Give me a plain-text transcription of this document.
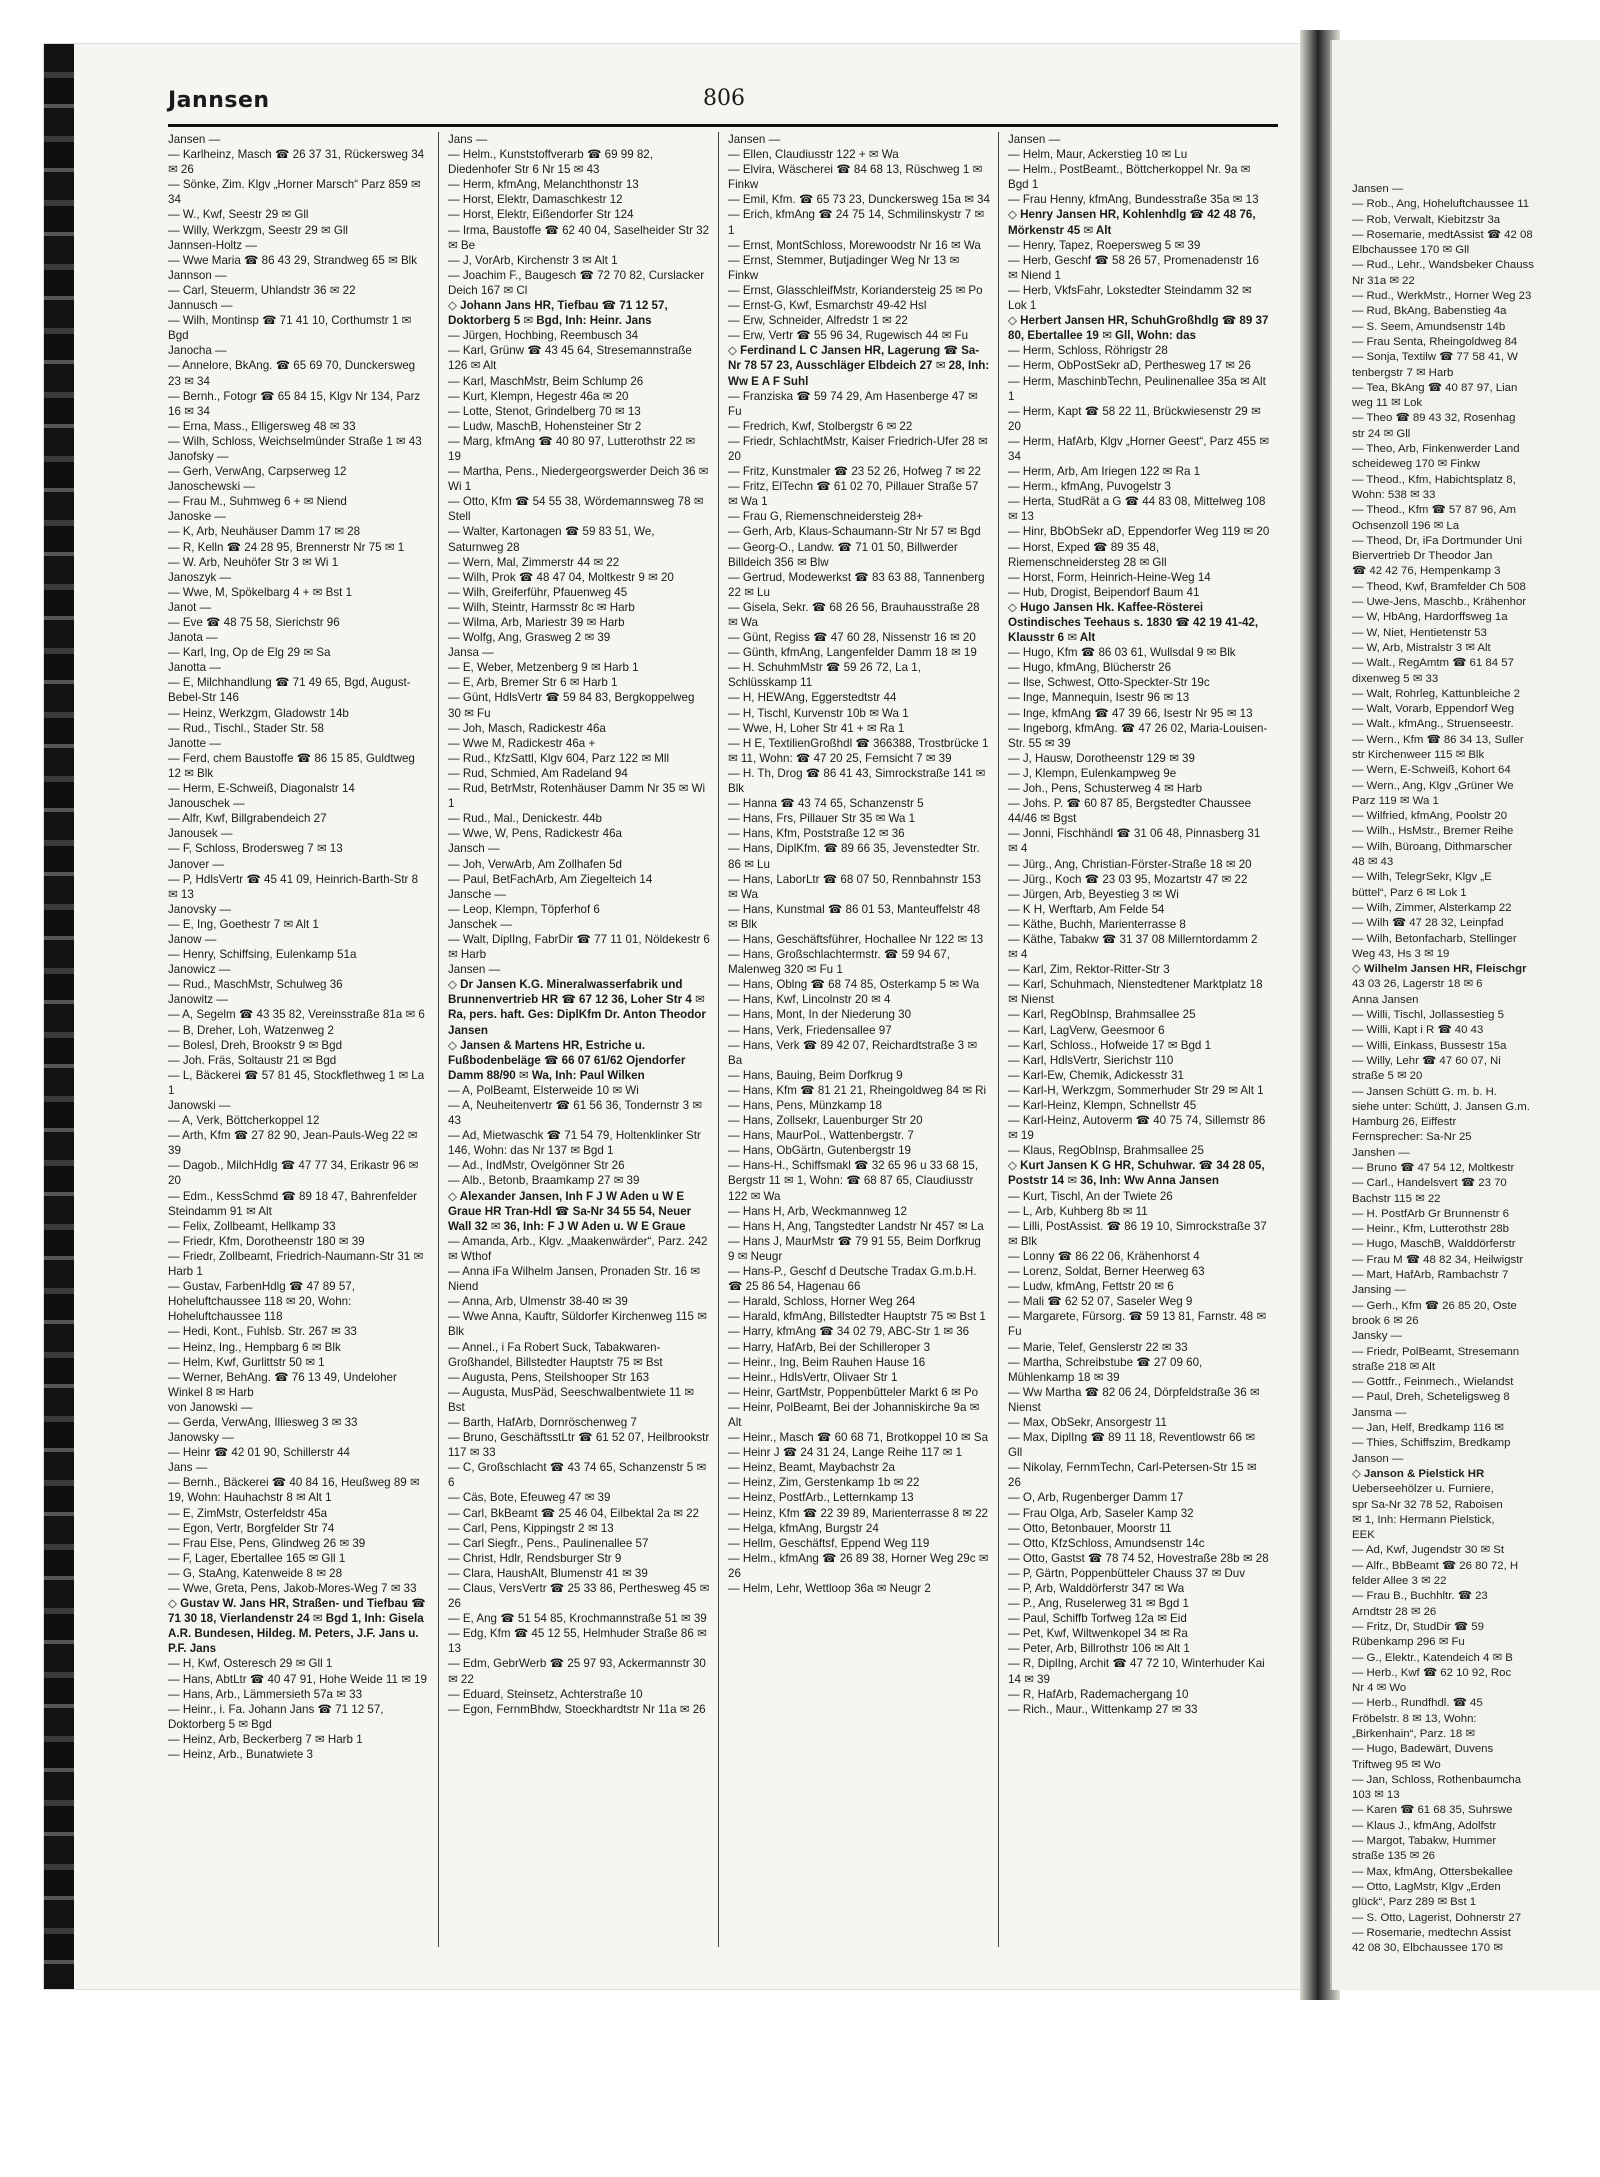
Jansen —

— Rob., Ang, Hoheluftchaussee 11

— Rob, Verwalt, Kiebitzstr 3a

— Rosemarie, medtAssist ☎ 42 08

Elbchaussee 170 ✉ Gll

— Rud., Lehr., Wandsbeker Chauss

Nr 31a ✉ 22

— Rud., WerkMstr., Horner Weg 23

— Rud, BkAng, Babenstieg 4a

— S. Seem, Amundsenstr 14b

— Frau Senta, Rheingoldweg 84

— Sonja, Textilw ☎ 77 58 41, W

tenbergstr 7 ✉ Harb

— Tea, BkAng ☎ 40 87 97, Lian

weg 11 ✉ Lok

— Theo ☎ 89 43 32, Rosenhag

str 24 ✉ Gll

— Theo, Arb, Finkenwerder Land

scheideweg 170 ✉ Finkw

— Theod., Kfm, Habichtsplatz 8,

Wohn: 538 ✉ 33

— Theod., Kfm ☎ 57 87 96, Am

Ochsenzoll 196 ✉ La

— Theod, Dr, iFa Dortmunder Uni

Biervertrieb Dr Theodor Jan

☎ 42 42 76, Hempenkamp 3

— Theod, Kwf, Bramfelder Ch 508

— Uwe-Jens, Maschb., Krähenhor

— W, HbAng, Hardorffsweg 1a

— W, Niet, Hentietenstr 53

— W, Arb, Mistralstr 3 ✉ Alt

— Walt., RegAmtm ☎ 61 84 57

dixenweg 5 ✉ 33

— Walt, Rohrleg, Kattunbleiche 2

— Walt, Vorarb, Eppendorf Weg

— Walt., kfmAng., Struenseestr.

— Wern., Kfm ☎ 86 34 13, Suller

str Kirchenweer 115 ✉ Blk

— Wern, E-Schweiß, Kohort 64

— Wern., Ang, Klgv „Grüner We

Parz 119 ✉ Wa 1

— Wilfried, kfmAng, Poolstr 20

— Wilh., HsMstr., Bremer Reihe

— Wilh, Büroang, Dithmarscher

48 ✉ 43

— Wilh, TelegrSekr, Klgv „E

büttel“, Parz 6 ✉ Lok 1

— Wilh, Zimmer, Alsterkamp 22

— Wilh ☎ 47 28 32, Leinpfad

— Wilh, Betonfacharb, Stellinger

Weg 43, Hs 3 ✉ 19

◇ Wilhelm Jansen HR, Fleischgr

43 03 26, Lagerstr 18 ✉ 6

Anna Jansen

— Willi, Tischl, Jollassestieg 5

— Willi, Kapt i R ☎ 40 43

— Willi, Einkass, Bussestr 15a

— Willy, Lehr ☎ 47 60 07, Ni

straße 5 ✉ 20

— Jansen Schütt G. m. b. H.

siehe unter: Schütt, J. Jansen G.m.

Hamburg 26, Eiffestr

Fernsprecher: Sa-Nr 25

Janshen —

— Bruno ☎ 47 54 12, Moltkestr

— Carl., Handelsvert ☎ 23 70

Bachstr 115 ✉ 22

— H. PostfArb Gr Brunnenstr 6

— Heinr., Kfm, Lutterothstr 28b

— Hugo, MaschB, Walddörferstr

— Frau M ☎ 48 82 34, Heilwigstr

— Mart, HafArb, Rambachstr 7

Jansing —

— Gerh., Kfm ☎ 26 85 20, Oste

brook 6 ✉ 26

Jansky —

— Friedr, PolBeamt, Stresemann

straße 218 ✉ Alt

— Gottfr., Feinmech., Wielandst

— Paul, Dreh, Scheteligsweg 8

Jansma —

— Jan, Helf, Bredkamp 116 ✉

— Thies, Schiffszim, Bredkamp

Janson —

◇ Janson & Pielstick HR

Ueberseehölzer u. Furniere,

spr Sa-Nr 32 78 52, Raboisen

✉ 1, Inh: Hermann Pielstick,

EEK

— Ad, Kwf, Jugendstr 30 ✉ St

— Alfr., BbBeamt ☎ 26 80 72, H

felder Allee 3 ✉ 22

— Frau B., Buchhltr. ☎ 23

Arndtstr 28 ✉ 26

— Fritz, Dr, StudDir ☎ 59

Rübenkamp 296 ✉ Fu

— G., Elektr., Katendeich 4 ✉ B

— Herb., Kwf ☎ 62 10 92, Roc

Nr 4 ✉ Wo

— Herb., Rundfhdl. ☎ 45

Fröbelstr. 8 ✉ 13, Wohn:

„Birkenhain“, Parz. 18 ✉

— Hugo, Badewärt, Duvens

Triftweg 95 ✉ Wo

— Jan, Schloss, Rothenbaumcha

103 ✉ 13

— Karen ☎ 61 68 35, Suhrswe

— Klaus J., kfmAng, Adolfstr

— Margot, Tabakw, Hummer

straße 135 ✉ 26

— Max, kfmAng, Ottersbekallee

— Otto, LagMstr, Klgv „Erden

glück“, Parz 289 ✉ Bst 1

— S. Otto, Lagerist, Dohnerstr 27

— Rosemarie, medtechn Assist

42 08 30, Elbchaussee 170 ✉

Jannsen	806

Jansen —

— Karlheinz, Masch ☎ 26 37 31, Rückersweg 34 ✉ 26

— Sönke, Zim. Klgv „Horner Marsch“ Parz 859 ✉ 34

— W., Kwf, Seestr 29 ✉ Gll

— Willy, Werkzgm, Seestr 29 ✉ Gll

Jannsen-Holtz —

— Wwe Maria ☎ 86 43 29, Strandweg 65 ✉ Blk

Jannson —

— Carl, Steuerm, Uhlandstr 36 ✉ 22

Jannusch —

— Wilh, Montinsp ☎ 71 41 10, Corthumstr 1 ✉ Bgd

Janocha —

— Annelore, BkAng. ☎ 65 69 70, Dunckersweg 23 ✉ 34

— Bernh., Fotogr ☎ 65 84 15, Klgv Nr 134, Parz 16 ✉ 34

— Erna, Mass., Elligersweg 48 ✉ 33

— Wilh, Schloss, Weichselmünder Straße 1 ✉ 43

Janofsky —

— Gerh, VerwAng, Carpserweg 12

Janoschewski —

— Frau M., Suhmweg 6 + ✉ Niend

Janoske —

— K, Arb, Neuhäuser Damm 17 ✉ 28

— R, Kelln ☎ 24 28 95, Brennerstr Nr 75 ✉ 1

— W. Arb, Neuhöfer Str 3 ✉ Wi 1

Janoszyk —

— Wwe, M, Spökelbarg 4 + ✉ Bst 1

Janot —

— Eve ☎ 48 75 58, Sierichstr 96

Janota —

— Karl, Ing, Op de Elg 29 ✉ Sa

Janotta —

— E, Milchhandlung ☎ 71 49 65, Bgd, August-Bebel-Str 146

— Heinz, Werkzgm, Gladowstr 14b

— Rud., Tischl., Stader Str. 58

Janotte —

— Ferd, chem Baustoffe ☎ 86 15 85, Guldtweg 12 ✉ Blk

— Herm, E-Schweiß, Diagonalstr 14

Janouschek —

— Alfr, Kwf, Billgrabendeich 27

Janousek —

— F, Schloss, Brodersweg 7 ✉ 13

Janover —

— P, HdlsVertr ☎ 45 41 09, Heinrich-Barth-Str 8 ✉ 13

Janovsky —

— E, Ing, Goethestr 7 ✉ Alt 1

Janow —

— Henry, Schiffsing, Eulenkamp 51a

Janowicz —

— Rud., MaschMstr, Schulweg 36

Janowitz —

— A, Segelm ☎ 43 35 82, Vereinsstraße 81a ✉ 6

— B, Dreher, Loh, Watzenweg 2

— Bolesl, Dreh, Brookstr 9 ✉ Bgd

— Joh. Fräs, Soltaustr 21 ✉ Bgd

— L, Bäckerei ☎ 57 81 45, Stockflethweg 1 ✉ La 1

Janowski —

— A, Verk, Böttcherkoppel 12

— Arth, Kfm ☎ 27 82 90, Jean-Pauls-Weg 22 ✉ 39

— Dagob., MilchHdlg ☎ 47 77 34, Erikastr 96 ✉ 20

— Edm., KessSchmd ☎ 89 18 47, Bahrenfelder Steindamm 91 ✉ Alt

— Felix, Zollbeamt, Hellkamp 33

— Friedr, Kfm, Dorotheenstr 180 ✉ 39

— Friedr, Zollbeamt, Friedrich-Naumann-Str 31 ✉ Harb 1

— Gustav, FarbenHdlg ☎ 47 89 57, Hoheluftchaussee 118 ✉ 20, Wohn: Hoheluftchaussee 118

— Hedi, Kont., Fuhlsb. Str. 267 ✉ 33

— Heinz, Ing., Hempbarg 6 ✉ Blk

— Helm, Kwf, Gurlittstr 50 ✉ 1

— Werner, BehAng. ☎ 76 13 49, Undeloher Winkel 8 ✉ Harb

von Janowski —

— Gerda, VerwAng, Illiesweg 3 ✉ 33

Janowsky —

— Heinr ☎ 42 01 90, Schillerstr 44

Jans —

— Bernh., Bäckerei ☎ 40 84 16, Heußweg 89 ✉ 19, Wohn: Hauhachstr 8 ✉ Alt 1

— E, ZimMstr, Osterfeldstr 45a

— Egon, Vertr, Borgfelder Str 74

— Frau Else, Pens, Glindweg 26 ✉ 39

— F, Lager, Ebertallee 165 ✉ Gll 1

— G, StaAng, Katenweide 8 ✉ 28

— Wwe, Greta, Pens, Jakob-Mores-Weg 7 ✉ 33

◇ Gustav W. Jans HR, Straßen- und Tiefbau ☎ 71 30 18, Vierlandenstr 24 ✉ Bgd 1, Inh: Gisela A.R. Bundesen, Hildeg. M. Peters, J.F. Jans u. P.F. Jans

— H, Kwf, Osteresch 29 ✉ Gll 1

— Hans, AbtLtr ☎ 40 47 91, Hohe Weide 11 ✉ 19

— Hans, Arb., Lämmersieth 57a ✉ 33

— Heinr., i. Fa. Johann Jans ☎ 71 12 57, Doktorberg 5 ✉ Bgd

— Heinz, Arb, Beckerberg 7 ✉ Harb 1

— Heinz, Arb., Bunatwiete 3

Jans —

— Helm., Kunststoffverarb ☎ 69 99 82, Diedenhofer Str 6 Nr 15 ✉ 43

— Herm, kfmAng, Melanchthonstr 13

— Horst, Elektr, Damaschkestr 12

— Horst, Elektr, Eißendorfer Str 124

— Irma, Baustoffe ☎ 62 40 04, Saselheider Str 32 ✉ Be

— J, VorArb, Kirchenstr 3 ✉ Alt 1

— Joachim F., Baugesch ☎ 72 70 82, Curslacker Deich 167 ✉ Cl

◇ Johann Jans HR, Tiefbau ☎ 71 12 57, Doktorberg 5 ✉ Bgd, Inh: Heinr. Jans

— Jürgen, Hochbing, Reembusch 34

— Karl, Grünw ☎ 43 45 64, Stresemannstraße 126 ✉ Alt

— Karl, MaschMstr, Beim Schlump 26

— Kurt, Klempn, Hegestr 46a ✉ 20

— Lotte, Stenot, Grindelberg 70 ✉ 13

— Ludw, MaschB, Hohensteiner Str 2

— Marg, kfmAng ☎ 40 80 97, Lutterothstr 22 ✉ 19

— Martha, Pens., Niedergeorgswerder Deich 36 ✉ Wi 1

— Otto, Kfm ☎ 54 55 38, Wördemannsweg 78 ✉ Stell

— Walter, Kartonagen ☎ 59 83 51, We, Saturnweg 28

— Wern, Mal, Zimmerstr 44 ✉ 22

— Wilh, Prok ☎ 48 47 04, Moltkestr 9 ✉ 20

— Wilh, Greiferführ, Pfauenweg 45

— Wilh, Steintr, Harmsstr 8c ✉ Harb

— Wilma, Arb, Mariestr 39 ✉ Harb

— Wolfg, Ang, Grasweg 2 ✉ 39

Jansa —

— E, Weber, Metzenberg 9 ✉ Harb 1

— E, Arb, Bremer Str 6 ✉ Harb 1

— Günt, HdlsVertr ☎ 59 84 83, Bergkoppelweg 30 ✉ Fu

— Joh, Masch, Radickestr 46a

— Wwe M, Radickestr 46a +

— Rud., KfzSattl, Klgv 604, Parz 122 ✉ Mll

— Rud, Schmied, Am Radeland 94

— Rud, BetrMstr, Rotenhäuser Damm Nr 35 ✉ Wi 1

— Rud., Mal., Denickestr. 44b

— Wwe, W, Pens, Radickestr 46a

Jansch —

— Joh, VerwArb, Am Zollhafen 5d

— Paul, BetFachArb, Am Ziegelteich 14

Jansche —

— Leop, Klempn, Töpferhof 6

Janschek —

— Walt, DiplIng, FabrDir ☎ 77 11 01, Nöldekestr 6 ✉ Harb

Jansen —

◇ Dr Jansen K.G. Mineralwasserfabrik und Brunnenvertrieb HR ☎ 67 12 36, Loher Str 4 ✉ Ra, pers. haft. Ges: DiplKfm Dr. Anton Theodor Jansen

◇ Jansen & Martens HR, Estriche u. Fußbodenbeläge ☎ 66 07 61/62 Ojendorfer Damm 88/90 ✉ Wa, Inh: Paul Wilken

— A, PolBeamt, Elsterweide 10 ✉ Wi

— A, Neuheitenvertr ☎ 61 56 36, Tondernstr 3 ✉ 43

— Ad, Mietwaschk ☎ 71 54 79, Holtenklinker Str 146, Wohn: das Nr 137 ✉ Bgd 1

— Ad., IndMstr, Ovelgönner Str 26

— Alb., Betonb, Braamkamp 27 ✉ 39

◇ Alexander Jansen, Inh F J W Aden u W E Graue HR Tran-Hdl ☎ Sa-Nr 34 55 54, Neuer Wall 32 ✉ 36, Inh: F J W Aden u. W E Graue

— Amanda, Arb., Klgv. „Maakenwärder“, Parz. 242 ✉ Wthof

— Anna iFa Wilhelm Jansen, Pronaden Str. 16 ✉ Niend

— Anna, Arb, Ulmenstr 38-40 ✉ 39

— Wwe Anna, Kauftr, Süldorfer Kirchenweg 115 ✉ Blk

— Annel., i Fa Robert Suck, Tabakwaren-Großhandel, Billstedter Hauptstr 75 ✉ Bst

— Augusta, Pens, Steilshooper Str 163

— Augusta, MusPäd, Seeschwalbentwiete 11 ✉ Bst

— Barth, HafArb, Dornröschenweg 7

— Bruno, GeschäftsstLtr ☎ 61 52 07, Heilbrookstr 117 ✉ 33

— C, Großschlacht ☎ 43 74 65, Schanzenstr 5 ✉ 6

— Cäs, Bote, Efeuweg 47 ✉ 39

— Carl, BkBeamt ☎ 25 46 04, Eilbektal 2a ✉ 22

— Carl, Pens, Kippingstr 2 ✉ 13

— Carl Siegfr., Pens., Paulinenallee 57

— Christ, Hdlr, Rendsburger Str 9

— Clara, HaushAlt, Blumenstr 41 ✉ 39

— Claus, VersVertr ☎ 25 33 86, Perthesweg 45 ✉ 26

— E, Ang ☎ 51 54 85, Krochmannstraße 51 ✉ 39

— Edg, Kfm ☎ 45 12 55, Helmhuder Straße 86 ✉ 13

— Edm, GebrWerb ☎ 25 97 93, Ackermannstr 30 ✉ 22

— Eduard, Steinsetz, Achterstraße 10

— Egon, FernmBhdw, Stoeckhardtstr Nr 11a ✉ 26

Jansen —

— Ellen, Claudiusstr 122 + ✉ Wa

— Elvira, Wäscherei ☎ 84 68 13, Rüschweg 1 ✉ Finkw

— Emil, Kfm. ☎ 65 73 23, Dunckersweg 15a ✉ 34

— Erich, kfmAng ☎ 24 75 14, Schmilinskystr 7 ✉ 1

— Ernst, MontSchloss, Morewoodstr Nr 16 ✉ Wa

— Ernst, Stemmer, Butjadinger Weg Nr 13 ✉ Finkw

— Ernst, GlasschleifMstr, Koriandersteig 25 ✉ Po

— Ernst-G, Kwf, Esmarchstr 49-42 Hsl

— Erw, Schneider, Alfredstr 1 ✉ 22

— Erw, Vertr ☎ 55 96 34, Rugewisch 44 ✉ Fu

◇ Ferdinand L C Jansen HR, Lagerung ☎ Sa-Nr 78 57 23, Ausschläger Elbdeich 27 ✉ 28, Inh: Ww E A F Suhl

— Franziska ☎ 59 74 29, Am Hasenberge 47 ✉ Fu

— Fredrich, Kwf, Stolbergstr 6 ✉ 22

— Friedr, SchlachtMstr, Kaiser Friedrich-Ufer 28 ✉ 20

— Fritz, Kunstmaler ☎ 23 52 26, Hofweg 7 ✉ 22

— Fritz, ElTechn ☎ 61 02 70, Pillauer Straße 57 ✉ Wa 1

— Frau G, Riemenschneidersteig 28+

— Gerh, Arb, Klaus-Schaumann-Str Nr 57 ✉ Bgd

— Georg-O., Landw. ☎ 71 01 50, Billwerder Billdeich 356 ✉ Blw

— Gertrud, Modewerkst ☎ 83 63 88, Tannenberg 22 ✉ Lu

— Gisela, Sekr. ☎ 68 26 56, Brauhausstraße 28 ✉ Wa

— Günt, Regiss ☎ 47 60 28, Nissenstr 16 ✉ 20

— Günth, kfmAng, Langenfelder Damm 18 ✉ 19

— H. SchuhmMstr ☎ 59 26 72, La 1, Schlüsskamp 11

— H, HEWAng, Eggerstedtstr 44

— H, Tischl, Kurvenstr 10b ✉ Wa 1

— Wwe, H, Loher Str 41 + ✉ Ra 1

— H E, TextilienGroßhdl ☎ 366388, Trostbrücke 1 ✉ 11, Wohn: ☎ 47 20 25, Fernsicht 7 ✉ 39

— H. Th, Drog ☎ 86 41 43, Simrockstraße 141 ✉ Blk

— Hanna ☎ 43 74 65, Schanzenstr 5

— Hans, Frs, Pillauer Str 35 ✉ Wa 1

— Hans, Kfm, Poststraße 12 ✉ 36

— Hans, DiplKfm. ☎ 89 66 35, Jevenstedter Str. 86 ✉ Lu

— Hans, LaborLtr ☎ 68 07 50, Rennbahnstr 153 ✉ Wa

— Hans, Kunstmal ☎ 86 01 53, Manteuffelstr 48 ✉ Blk

— Hans, Geschäftsführer, Hochallee Nr 122 ✉ 13

— Hans, Großschlachtermstr. ☎ 59 94 67, Malenweg 320 ✉ Fu 1

— Hans, Oblng ☎ 68 74 85, Osterkamp 5 ✉ Wa

— Hans, Kwf, Lincolnstr 20 ✉ 4

— Hans, Mont, In der Niederung 30

— Hans, Verk, Friedensallee 97

— Hans, Verk ☎ 89 42 07, Reichardtstraße 3 ✉ Ba

— Hans, Bauing, Beim Dorfkrug 9

— Hans, Kfm ☎ 81 21 21, Rheingoldweg 84 ✉ Ri

— Hans, Pens, Münzkamp 18

— Hans, Zollsekr, Lauenburger Str 20

— Hans, MaurPol., Wattenbergstr. 7

— Hans, ObGärtn, Gutenbergstr 19

— Hans-H., Schiffsmakl ☎ 32 65 96 u 33 68 15, Bergstr 11 ✉ 1, Wohn: ☎ 68 87 65, Claudiusstr 122 ✉ Wa

— Hans H, Arb, Weckmannweg 12

— Hans H, Ang, Tangstedter Landstr Nr 457 ✉ La

— Hans J, MaurMstr ☎ 79 91 55, Beim Dorfkrug 9 ✉ Neugr

— Hans-P., Geschf d Deutsche Tradax G.m.b.H. ☎ 25 86 54, Hagenau 66

— Harald, Schloss, Horner Weg 264

— Harald, kfmAng, Billstedter Hauptstr 75 ✉ Bst 1

— Harry, kfmAng ☎ 34 02 79, ABC-Str 1 ✉ 36

— Harry, HafArb, Bei der Schilleroper 3

— Heinr., Ing, Beim Rauhen Hause 16

— Heinr., HdlsVertr, Olivaer Str 1

— Heinr, GartMstr, Poppenbütteler Markt 6 ✉ Po

— Heinr, PolBeamt, Bei der Johanniskirche 9a ✉ Alt

— Heinr., Masch ☎ 60 68 71, Brotkoppel 10 ✉ Sa

— Heinr J ☎ 24 31 24, Lange Reihe 117 ✉ 1

— Heinz, Beamt, Maybachstr 2a

— Heinz, Zim, Gerstenkamp 1b ✉ 22

— Heinz, PostfArb., Letternkamp 13

— Heinz, Kfm ☎ 22 39 89, Marienterrasse 8 ✉ 22

— Helga, kfmAng, Burgstr 24

— Hellm, Geschäftsf, Eppend Weg 119

— Helm., kfmAng ☎ 26 89 38, Horner Weg 29c ✉ 26

— Helm, Lehr, Wettloop 36a ✉ Neugr 2

Jansen —

— Helm, Maur, Ackerstieg 10 ✉ Lu

— Helm., PostBeamt., Böttcherkoppel Nr. 9a ✉ Bgd 1

— Frau Henny, kfmAng, Bundesstraße 35a ✉ 13

◇ Henry Jansen HR, Kohlenhdlg ☎ 42 48 76, Mörkenstr 45 ✉ Alt

— Henry, Tapez, Roepersweg 5 ✉ 39

— Herb, Geschf ☎ 58 26 57, Promenadenstr 16 ✉ Niend 1

— Herb, VkfsFahr, Lokstedter Steindamm 32 ✉ Lok 1

◇ Herbert Jansen HR, SchuhGroßhdlg ☎ 89 37 80, Ebertallee 19 ✉ Gll, Wohn: das

— Herm, Schloss, Röhrigstr 28

— Herm, ObPostSekr aD, Perthesweg 17 ✉ 26

— Herm, MaschinbTechn, Peulinenallee 35a ✉ Alt 1

— Herm, Kapt ☎ 58 22 11, Brückwiesenstr 29 ✉ 20

— Herm, HafArb, Klgv „Horner Geest“, Parz 455 ✉ 34

— Herm, Arb, Am Iriegen 122 ✉ Ra 1

— Herm., kfmAng, Puvogelstr 3

— Herta, StudRät a G ☎ 44 83 08, Mittelweg 108 ✉ 13

— Hinr, BbObSekr aD, Eppendorfer Weg 119 ✉ 20

— Horst, Exped ☎ 89 35 48, Riemenschneidersteg 28 ✉ Gll

— Horst, Form, Heinrich-Heine-Weg 14

— Hub, Drogist, Beipendorf Baum 41

◇ Hugo Jansen Hk. Kaffee-Rösterei Ostindisches Teehaus s. 1830 ☎ 42 19 41-42, Klausstr 6 ✉ Alt

— Hugo, Kfm ☎ 86 03 61, Wullsdal 9 ✉ Blk

— Hugo, kfmAng, Blücherstr 26

— Ilse, Schwest, Otto-Speckter-Str 19c

— Inge, Mannequin, Isestr 96 ✉ 13

— Inge, kfmAng ☎ 47 39 66, Isestr Nr 95 ✉ 13

— Ingeborg, kfmAng. ☎ 47 26 02, Maria-Louisen-Str. 55 ✉ 39

— J, Hausw, Dorotheenstr 129 ✉ 39

— J, Klempn, Eulenkampweg 9e

— Joh., Pens, Schusterweg 4 ✉ Harb

— Johs. P. ☎ 60 87 85, Bergstedter Chaussee 44/46 ✉ Bgst

— Jonni, Fischhändl ☎ 31 06 48, Pinnasberg 31 ✉ 4

— Jürg., Ang, Christian-Förster-Straße 18 ✉ 20

— Jürg., Koch ☎ 23 03 95, Mozartstr 47 ✉ 22

— Jürgen, Arb, Beyestieg 3 ✉ Wi

— K H, Werftarb, Am Felde 54

— Käthe, Buchh, Marienterrasse 8

— Käthe, Tabakw ☎ 31 37 08 Millerntordamm 2 ✉ 4

— Karl, Zim, Rektor-Ritter-Str 3

— Karl, Schuhmach, Nienstedtener Marktplatz 18 ✉ Nienst

— Karl, RegObInsp, Brahmsallee 25

— Karl, LagVerw, Geesmoor 6

— Karl, Schloss., Hofweide 17 ✉ Bgd 1

— Karl, HdlsVertr, Sierichstr 110

— Karl-Ew, Chemik, Adickesstr 31

— Karl-H, Werkzgm, Sommerhuder Str 29 ✉ Alt 1

— Karl-Heinz, Klempn, Schnellstr 45

— Karl-Heinz, Autoverm ☎ 40 75 74, Sillemstr 86 ✉ 19

— Klaus, RegObInsp, Brahmsallee 25

◇ Kurt Jansen K G HR, Schuhwar. ☎ 34 28 05, Poststr 14 ✉ 36, Inh: Ww Anna Jansen

— Kurt, Tischl, An der Twiete 26

— L, Arb, Kuhberg 8b ✉ 11

— Lilli, PostAssist. ☎ 86 19 10, Simrockstraße 37 ✉ Blk

— Lonny ☎ 86 22 06, Krähenhorst 4

— Lorenz, Soldat, Berner Heerweg 63

— Ludw, kfmAng, Fettstr 20 ✉ 6

— Mali ☎ 62 52 07, Saseler Weg 9

— Margarete, Fürsorg. ☎ 59 13 81, Farnstr. 48 ✉ Fu

— Marie, Telef, Genslerstr 22 ✉ 33

— Martha, Schreibstube ☎ 27 09 60, Mühlenkamp 18 ✉ 39

— Ww Martha ☎ 82 06 24, Dörpfeldstraße 36 ✉ Nienst

— Max, ObSekr, Ansorgestr 11

— Max, DiplIng ☎ 89 11 18, Reventlowstr 66 ✉ Gll

— Nikolay, FernmTechn, Carl-Petersen-Str 15 ✉ 26

— O, Arb, Rugenberger Damm 17

— Frau Olga, Arb, Saseler Kamp 32

— Otto, Betonbauer, Moorstr 11

— Otto, KfzSchloss, Amundsenstr 14c

— Otto, Gastst ☎ 78 74 52, Hovestraße 28b ✉ 28

— P, Gärtn, Poppenbütteler Chauss 37 ✉ Duv

— P, Arb, Walddörferstr 347 ✉ Wa

— P., Ang, Ruselerweg 31 ✉ Bgd 1

— Paul, Schiffb Torfweg 12a ✉ Eid

— Pet, Kwf, Wiltwenkopel 34 ✉ Ra

— Peter, Arb, Billrothstr 106 ✉ Alt 1

— R, DiplIng, Archit ☎ 47 72 10, Winterhuder Kai 14 ✉ 39

— R, HafArb, Rademachergang 10

— Rich., Maur., Wittenkamp 27 ✉ 33
